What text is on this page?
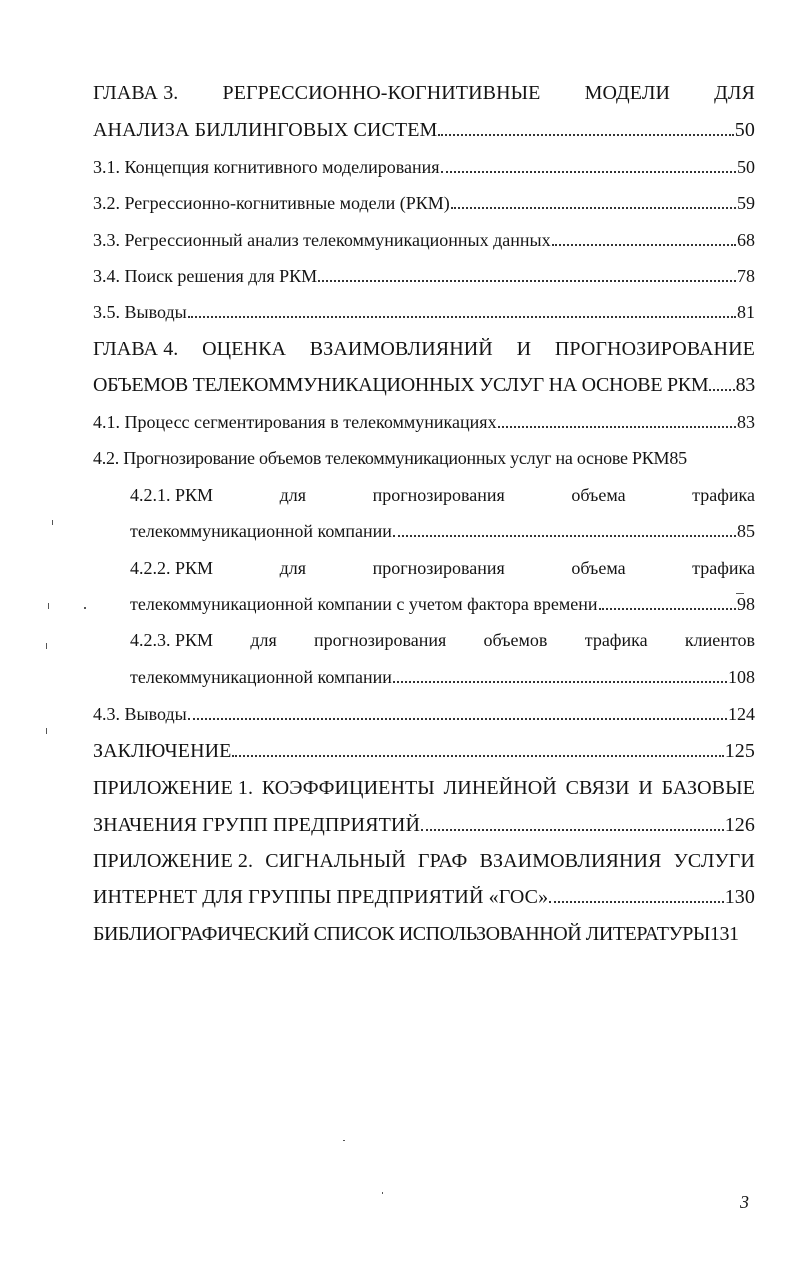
ГЛАВА 3. РЕГРЕССИОННО-КОГНИТИВНЫЕ МОДЕЛИ ДЛЯ
АНАЛИЗА БИЛЛИНГОВЫХ СИСТЕМ	50
3.1. Концепция когнитивного моделирования	50
3.2. Регрессионно-когнитивные модели (РКМ)	59
3.3. Регрессионный анализ телекоммуникационных данных	68
3.4. Поиск решения для РКМ	78
3.5. Выводы	81
ГЛАВА 4. ОЦЕНКА ВЗАИМОВЛИЯНИЙ И ПРОГНОЗИРОВАНИЕ
ОБЪЕМОВ ТЕЛЕКОММУНИКАЦИОННЫХ УСЛУГ НА ОСНОВЕ РКМ 83
4.1. Процесс сегментирования в телекоммуникациях	83
4.2. Прогнозирование объемов телекоммуникационных услуг на основе РКМ 85
4.2.1. РКМ	для	прогнозирования	объема	трафика
телекоммуникационной компании	85
4.2.2. РКМ	для	прогнозирования	объема	трафика
телекоммуникационной компании с учетом фактора времени	98
4.2.3. РКМ для прогнозирования объемов трафика клиентов
телекоммуникационной компании	108
4.3. Выводы	124
ЗАКЛЮЧЕНИЕ	125
ПРИЛОЖЕНИЕ 1. КОЭФФИЦИЕНТЫ ЛИНЕЙНОЙ СВЯЗИ И БАЗОВЫЕ
ЗНАЧЕНИЯ ГРУПП ПРЕДПРИЯТИЙ	126
ПРИЛОЖЕНИЕ 2. СИГНАЛЬНЫЙ ГРАФ ВЗАИМОВЛИЯНИЯ УСЛУГИ
ИНТЕРНЕТ ДЛЯ ГРУППЫ ПРЕДПРИЯТИЙ «ГОС»	130
БИБЛИОГРАФИЧЕСКИЙ СПИСОК ИСПОЛЬЗОВАННОЙ ЛИТЕРАТУРЫ131
3
